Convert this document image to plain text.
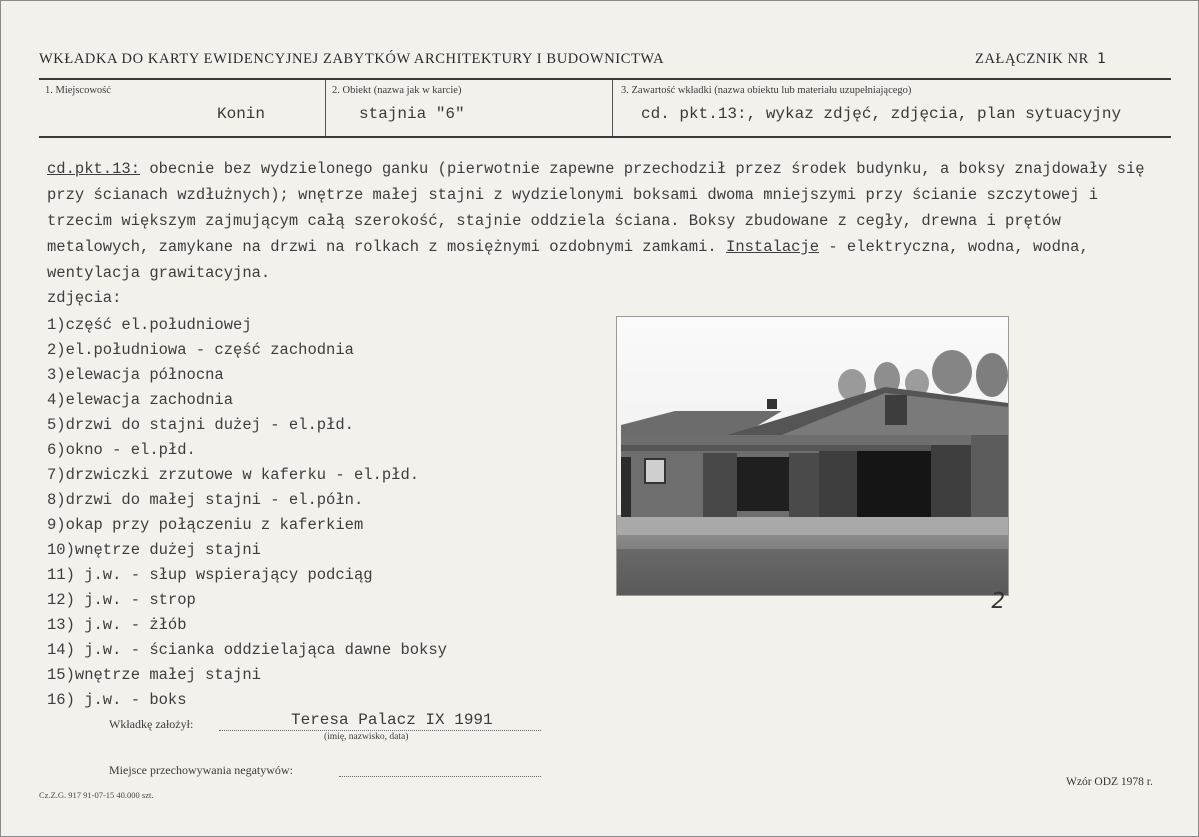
WKŁADKA DO KARTY EWIDENCYJNEJ ZABYTKÓW ARCHITEKTURY I BUDOWNICTWA	ZAŁĄCZNIK NR 1
1. Miejscowość
Konin
2. Obiekt (nazwa jak w karcie)
stajnia "6"
3. Zawartość wkładki (nazwa obiektu lub materiału uzupełniającego)
cd. pkt.13:, wykaz zdjęć, zdjęcia, plan sytuacyjny

cd.pkt.13: obecnie bez wydzielonego ganku (pierwotnie zapewne przechodził przez środek budynku, a boksy znajdowały się przy ścianach wzdłużnych); wnętrze małej stajni z wydzielonymi boksami dwoma mniejszymi przy ścianie szczytowej i trzecim większym zajmującym całą szerokość, stajnie oddziela ściana. Boksy zbudowane z cegły, drewna i prętów metalowych, zamykane na drzwi na rolkach z mosiężnymi ozdobnymi zamkami. Instalacje - elektryczna, wodna, wodna, wentylacja grawitacyjna.

zdjęcia:
1)część el.południowej
2)el.południowa - część zachodnia
3)elewacja północna
4)elewacja zachodnia
5)drzwi do stajni dużej - el.płd.
6)okno - el.płd.
7)drzwiczki zrzutowe w kaferku - el.płd.
8)drzwi do małej stajni - el.półn.
9)okap przy połączeniu z kaferkiem
10)wnętrze dużej stajni
11) j.w. - słup wspierający podciąg
12) j.w. - strop
13) j.w. - żłób
14) j.w. - ścianka oddzielająca dawne boksy
15)wnętrze małej stajni
16) j.w. - boks
2
Wkładkę założył:	Teresa Palacz IX 1991
(imię, nazwisko, data)
Miejsce przechowywania negatywów:
Cz.Z.G. 917 91-07-15 40.000 szt.
Wzór ODZ 1978 r.
